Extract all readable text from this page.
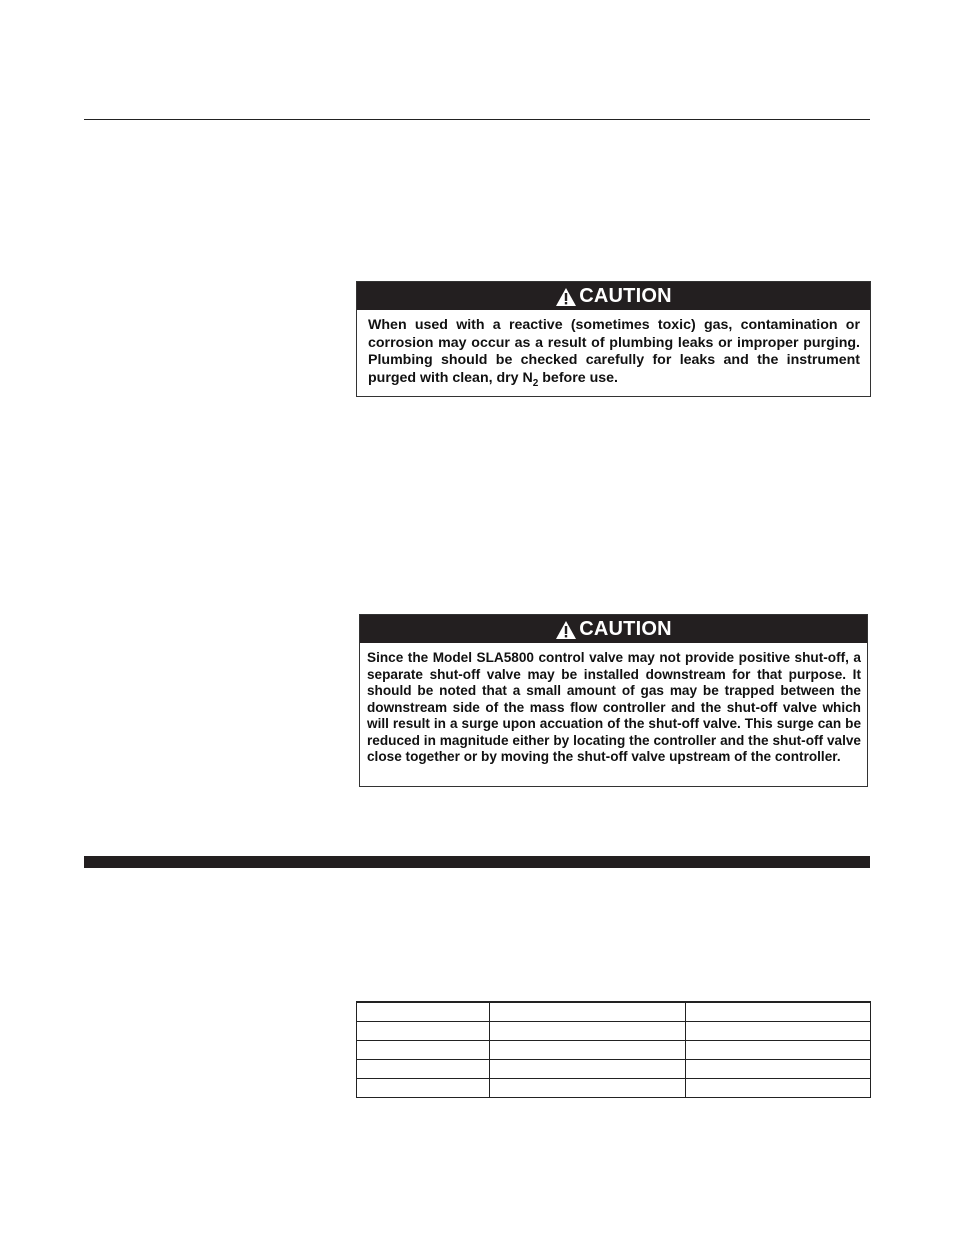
CAUTION
When used with a reactive (sometimes toxic) gas, contamination or corrosion may occur as a result of plumbing leaks or improper purging. Plumbing should be checked carefully for leaks and the instrument purged with clean, dry $N_2$ before use.
CAUTION
Since the Model SLA5800 control valve may not provide positive shut-off, a separate shut-off valve may be installed downstream for that purpose. It should be noted that a small amount of gas may be trapped between the downstream side of the mass flow controller and the shut-off valve which will result in a surge upon accuation of the shut-off valve. This surge can be reduced in magnitude either by locating the controller and the shut-off valve close together or by moving the shut-off valve upstream of the controller.
